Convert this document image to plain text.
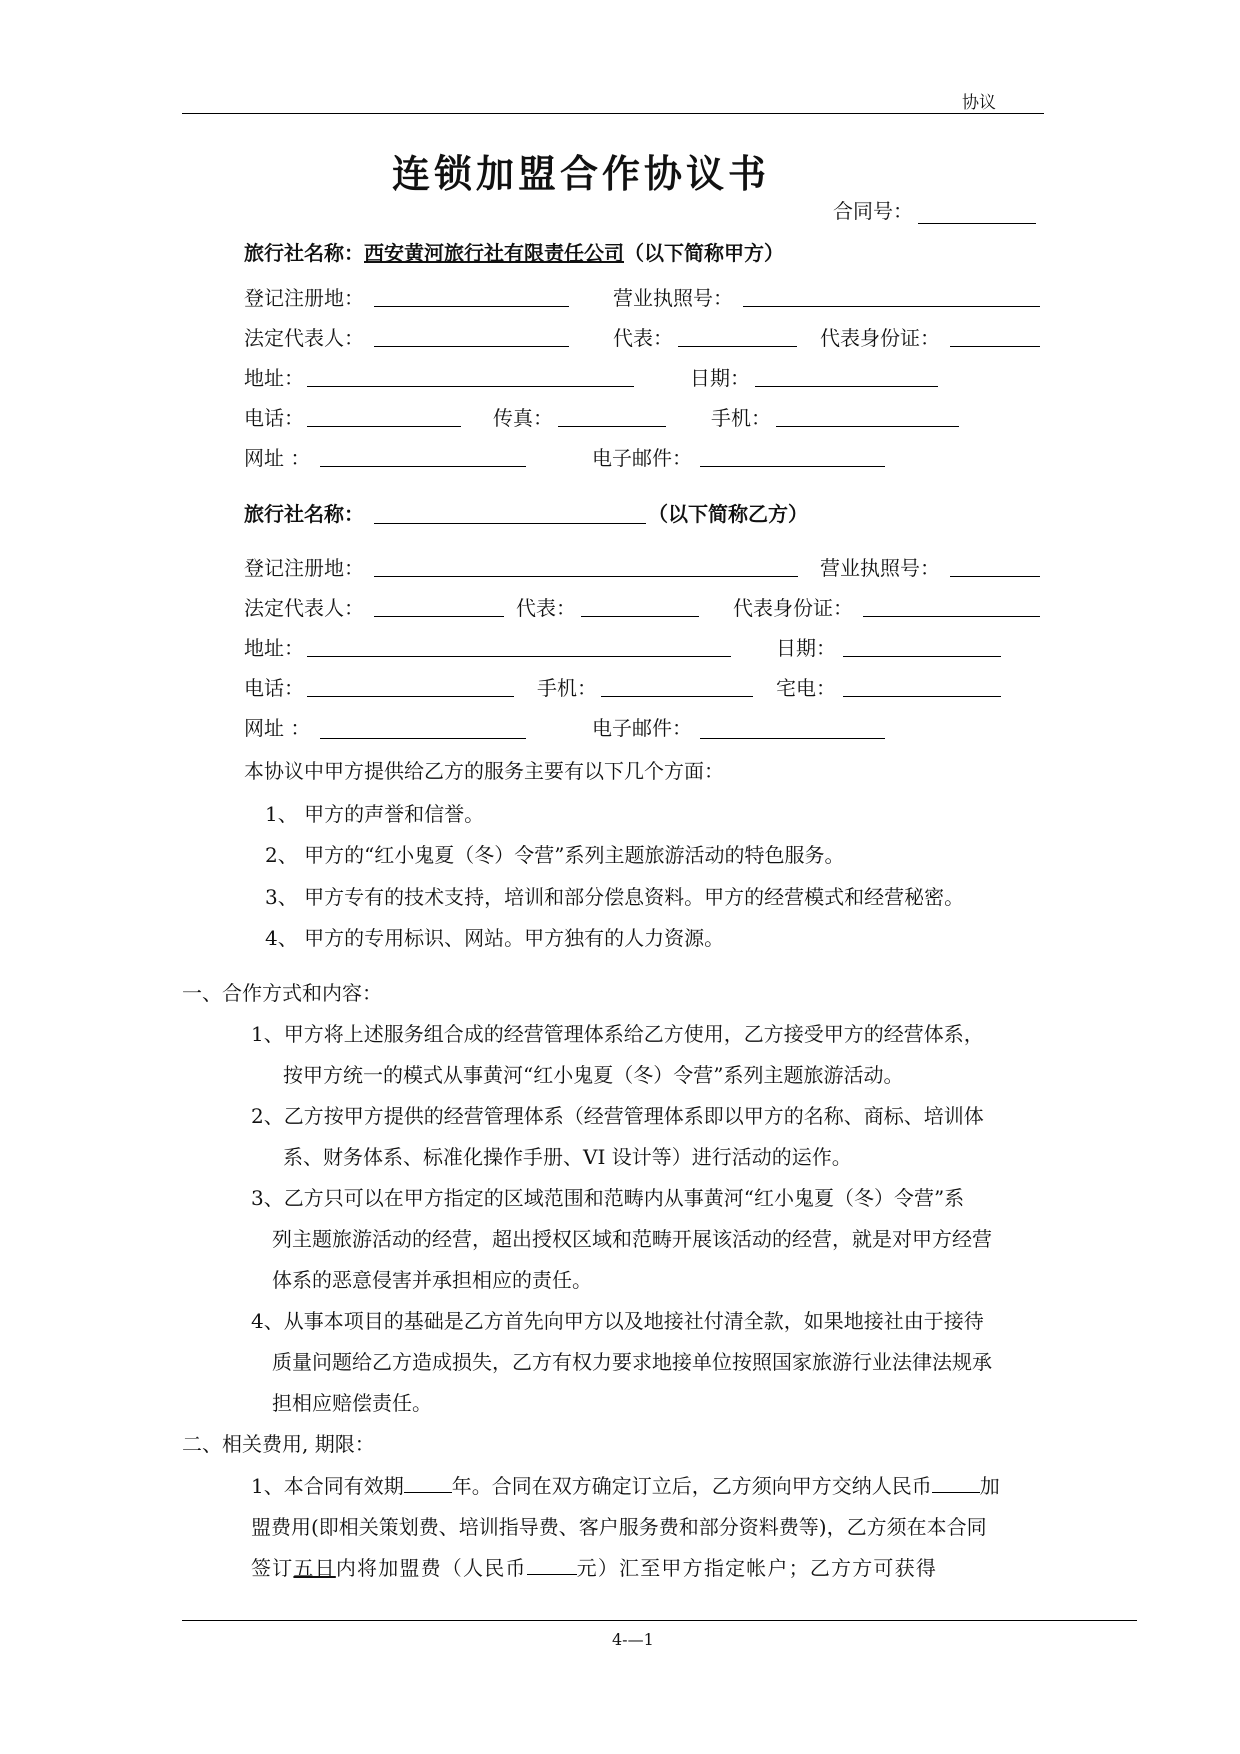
协议
连锁加盟合作协议书
合同号：
旅行社名称：西安黄河旅行社有限责任公司（以下简称甲方）
登记注册地：	营业执照号：
法定代表人：	代表：	代表身份证：
地址：	日期：
电话：	传真：	手机：
网址 ：	电子邮件：
旅行社名称：	（以下简称乙方）
登记注册地：	营业执照号：
法定代表人：	代表：	代表身份证：
地址：	日期：
电话：	手机：	宅电：
网址 ：	电子邮件：
本协议中甲方提供给乙方的服务主要有以下几个方面：
1、 甲方的声誉和信誉。
2、 甲方的“红小鬼夏（冬）令营”系列主题旅游活动的特色服务。
3、 甲方专有的技术支持，培训和部分偿息资料。甲方的经营模式和经营秘密。
4、 甲方的专用标识、网站。甲方独有的人力资源。
一、合作方式和内容：
1、甲方将上述服务组合成的经营管理体系给乙方使用，乙方接受甲方的经营体系，
按甲方统一的模式从事黄河“红小鬼夏（冬）令营”系列主题旅游活动。
2、乙方按甲方提供的经营管理体系（经营管理体系即以甲方的名称、商标、培训体
系、财务体系、标准化操作手册、VI 设计等）进行活动的运作。
3、乙方只可以在甲方指定的区域范围和范畴内从事黄河“红小鬼夏（冬）令营”系
列主题旅游活动的经营，超出授权区域和范畴开展该活动的经营，就是对甲方经营
体系的恶意侵害并承担相应的责任。
4、从事本项目的基础是乙方首先向甲方以及地接社付清全款，如果地接社由于接待
质量问题给乙方造成损失，乙方有权力要求地接单位按照国家旅游行业法律法规承
担相应赔偿责任。
二、相关费用, 期限：
1、本合同有效期 年。合同在双方确定订立后，乙方须向甲方交纳人民币 加
盟费用(即相关策划费、培训指导费、客户服务费和部分资料费等)，乙方须在本合同
签订五日内将加盟费（人民币	元）汇至甲方指定帐户；乙方方可获得
4-—1
